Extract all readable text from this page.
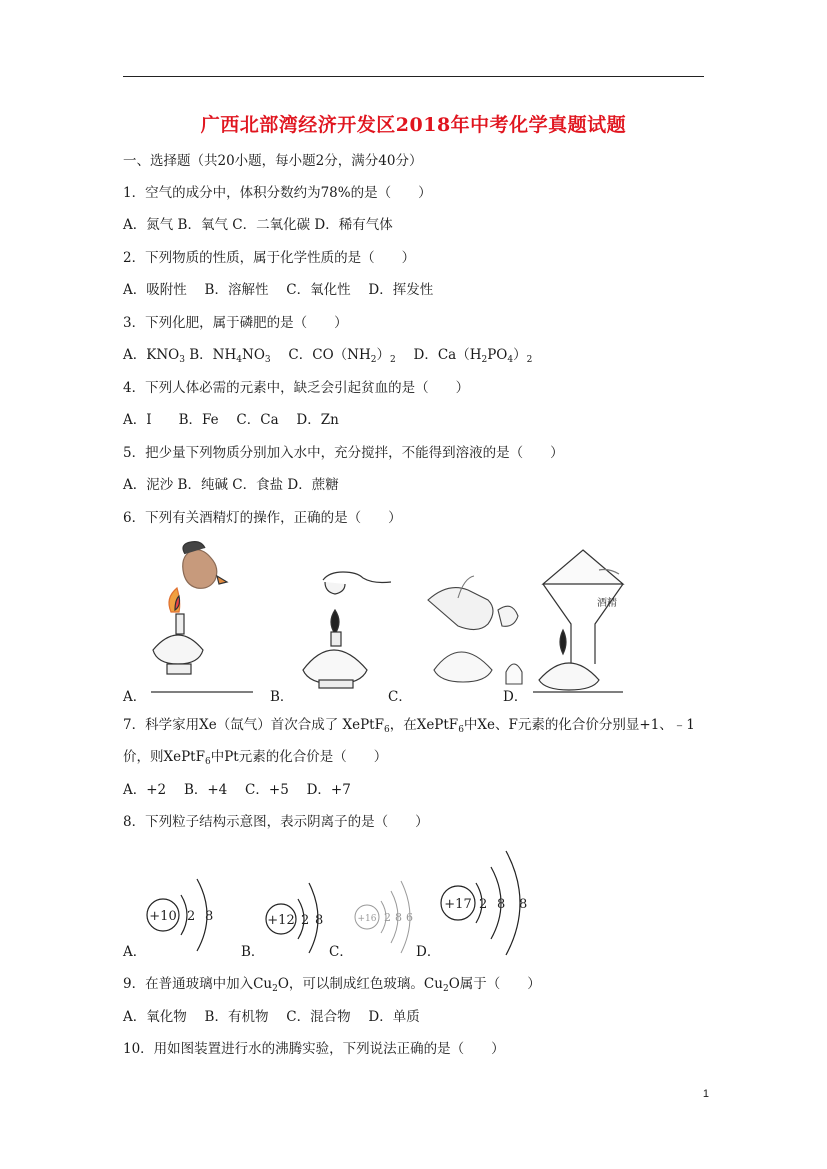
广西北部湾经济开发区2018年中考化学真题试题
一、选择题（共20小题，每小题2分，满分40分）
1．空气的成分中，体积分数约为78%的是（　　）
A．氮气 B．氧气 C．二氧化碳 D．稀有气体
2．下列物质的性质，属于化学性质的是（　　）
A．吸附性　 B．溶解性　 C．氧化性　 D．挥发性
3．下列化肥，属于磷肥的是（　　）
A．$KNO_3$ B．$NH_4NO_3$　 C．$CO(NH_2)_2$　 D．$Ca(H_2PO_4)_2$
4．下列人体必需的元素中，缺乏会引起贫血的是（　　）
A．I　　B．Fe　 C．Ca　 D．Zn
5．把少量下列物质分别加入水中，充分搅拌，不能得到溶液的是（　　）
A．泥沙 B．纯碱 C．食盐 D．蔗糖
6．下列有关酒精灯的操作，正确的是（　　）
酒精
A．	B．	C．	D．
7．科学家用Xe（氙气）首次合成了 XePtF$_6$，在XePtF$_6$中Xe、F元素的化合价分别显+1、﹣1
价，则XePtF$_6$中Pt元素的化合价是（　　）
A．+2　 B．+4　 C．+5　 D．+7
8．下列粒子结构示意图，表示阴离子的是（　　）
+10 2 8	+12 2 8	+16 2 8 6
+17 2 8 8
A．	B．	C．	D．
9．在普通玻璃中加入$Cu_2O$，可以制成红色玻璃。$Cu_2O$属于（　　）
A．氧化物　 B．有机物　 C．混合物　 D．单质
10．用如图装置进行水的沸腾实验，下列说法正确的是（　　）
1
